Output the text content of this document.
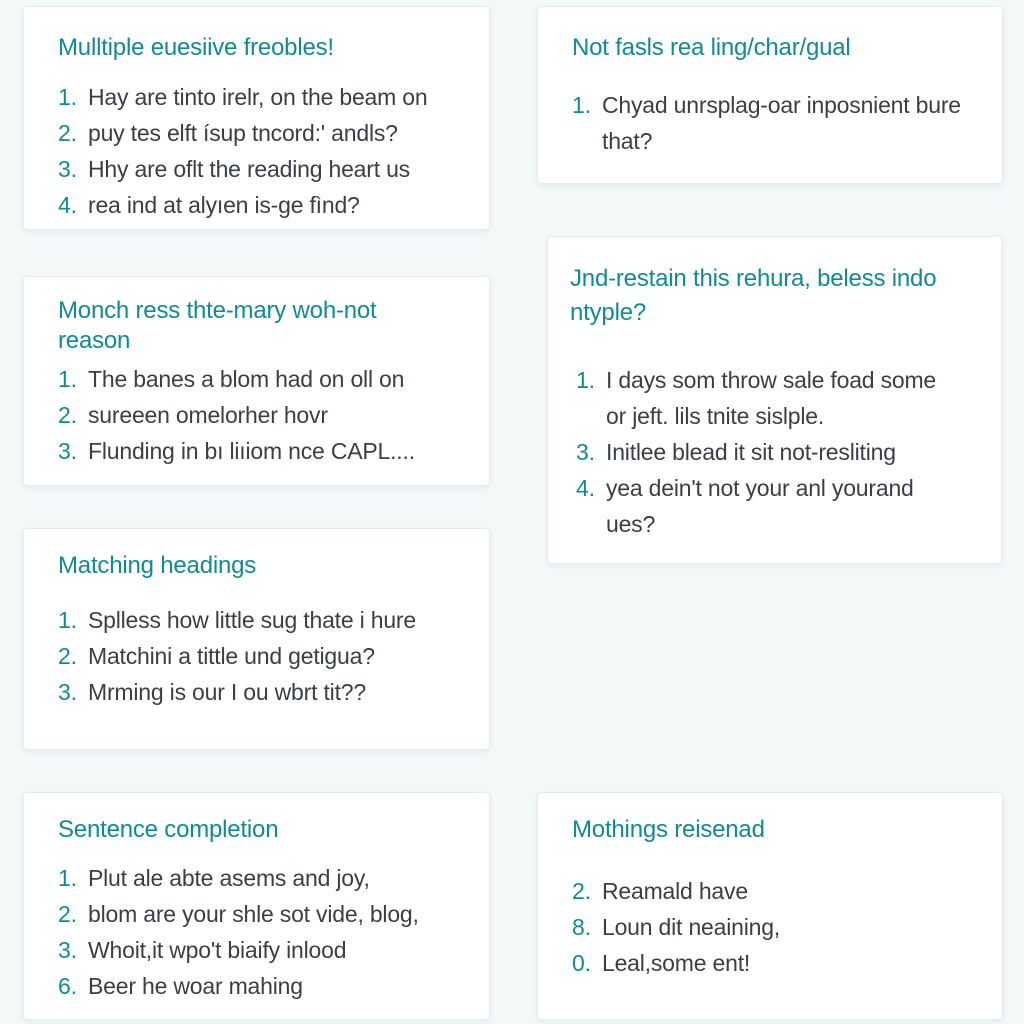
Mulltiple euesiive freobles!
1. Hay are tinto irelr, on the beam on
2. puy tes elft ísup tncord:' andls?
3. Hhy are oflt the reading heart us
4. rea ind at alyıen is-ge fìnd?
Not fasls rea ling/char/gual
1. Chyad unrsplag-oar inposnient bure that?
Monch ress thte-mary woh-not reason
1. The banes a blom had on oll on
2. sureeen omelorher hovr
3. Flunding in bı liıiom nce CAPL....
Jnd-restain this rehura, beless indo ntyple?
1. I days som throw sale foad some or jeft. lils tnite sislple.
3. Initlee blead it sit not-resliting
4. yea dein't not your anl yourand ues?
Matching headings
1. Splless how little sug thate i hure
2. Matchini a tittle und getigua?
3. Mrming is our I ou wbrt tit??
Sentence completion
1. Plut ale abte asems and joy,
2. blom are your shle sot vide, blog,
3. Whoit,it wpo't biaify inlood
6. Beer he woar mahing
Mothings reisenad
2. Reamald have
8. Loun dit neaining,
0. Leal,some ent!
